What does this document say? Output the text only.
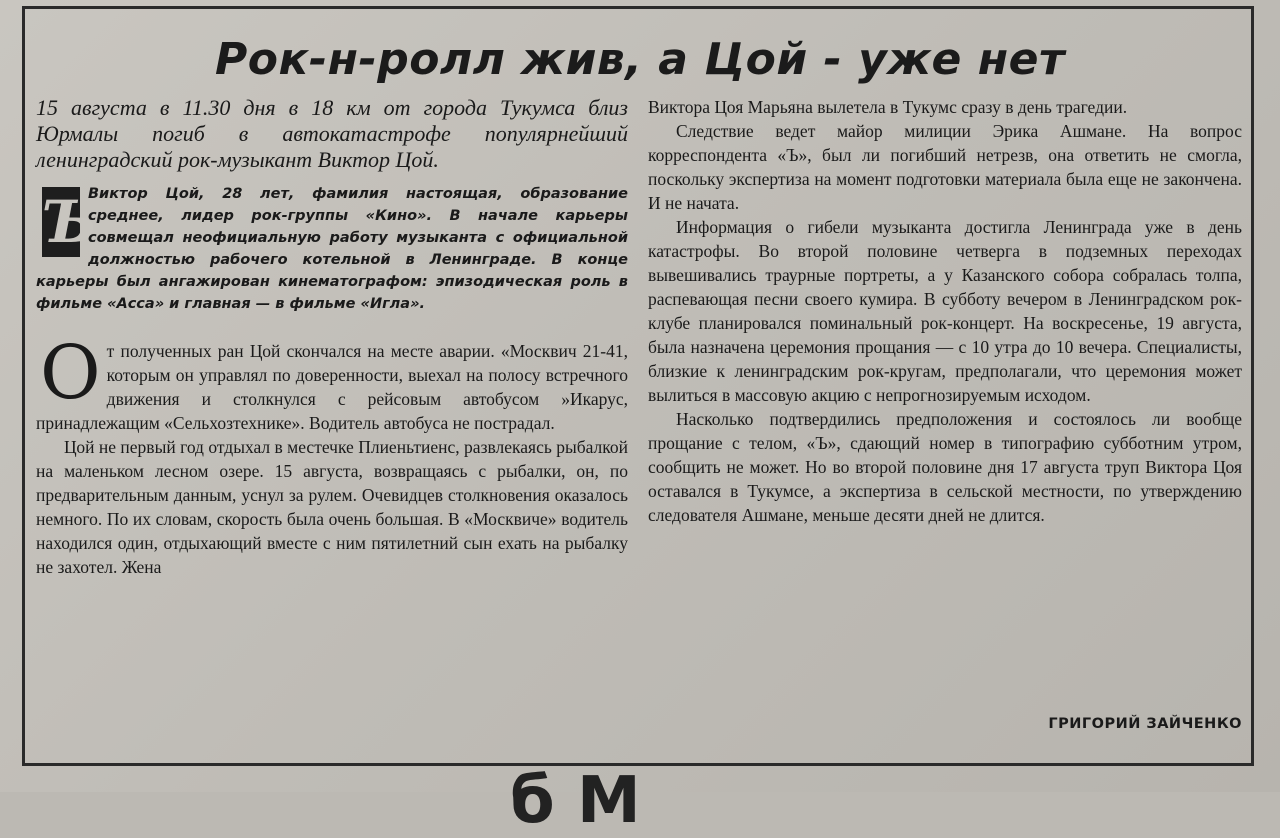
Рок-н-ролл жив, а Цой - уже нет

15 августа в 11.30 дня в 18 км от города Тукумса близ Юрмалы погиб в автокатастрофе популярнейший ленинградский рок-музыкант Виктор Цой.

Ъ
Виктор Цой, 28 лет, фамилия настоящая, образование среднее, лидер рок-группы «Кино». В начале карьеры совмещал неофициальную работу музыканта с официальной должностью рабочего котельной в Ленинграде. В конце карьеры был ангажирован кинематографом: эпизодическая роль в фильме «Асса» и главная — в фильме «Игла».

От полученных ран Цой скончался на месте аварии. «Москвич 21-41, которым он управлял по доверенности, выехал на полосу встречного движения и столкнулся с рейсовым автобусом »Икарус, принадлежащим «Сельхозтехнике». Водитель автобуса не пострадал.

Цой не первый год отдыхал в местечке Плиеньтиенс, развлекаясь рыбалкой на маленьком лесном озере. 15 августа, возвращаясь с рыбалки, он, по предварительным данным, уснул за рулем. Очевидцев столкновения оказалось немного. По их словам, скорость была очень большая. В «Москвиче» водитель находился один, отдыхающий вместе с ним пятилетний сын ехать на рыбалку не захотел. Жена

Виктора Цоя Марьяна вылетела в Тукумс сразу в день трагедии.

Следствие ведет майор милиции Эрика Ашмане. На вопрос корреспондента «Ъ», был ли погибший нетрезв, она ответить не смогла, поскольку экспертиза на момент подготовки материала была еще не закончена. И не начата.

Информация о гибели музыканта достигла Ленинграда уже в день катастрофы. Во второй половине четверга в подземных переходах вывешивались траурные портреты, а у Казанского собора собралась толпа, распевающая песни своего кумира. В субботу вечером в Ленинградском рок-клубе планировался поминальный рок-концерт. На воскресенье, 19 августа, была назначена церемония прощания — с 10 утра до 10 вечера. Специалисты, близкие к ленинградским рок-кругам, предполагали, что церемония может вылиться в массовую акцию с непрогнозируемым исходом.

Насколько подтвердились предположения и состоялось ли вообще прощание с телом, «Ъ», сдающий номер в типографию субботним утром, сообщить не может. Но во второй половине дня 17 августа труп Виктора Цоя оставался в Тукумсе, а экспертиза в сельской местности, по утверждению следователя Ашмане, меньше десяти дней не длится.

ГРИГОРИЙ ЗАЙЧЕНКО
б М
